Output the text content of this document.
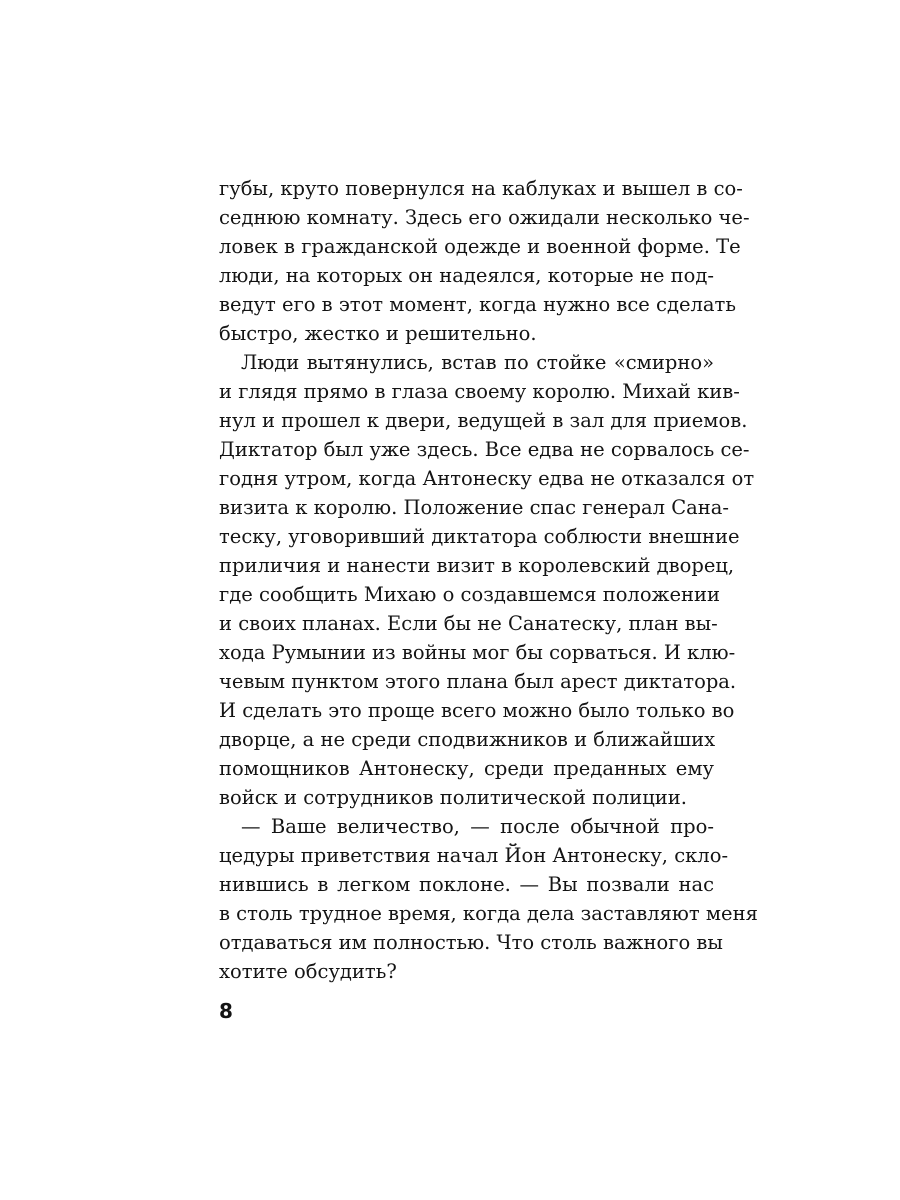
губы, круто повернулся на каблуках и вышел в со-
седнюю комнату. Здесь его ожидали несколько че-
ловек в гражданской одежде и военной форме. Те
люди, на которых он надеялся, которые не под-
ведут его в этот момент, когда нужно все сделать
быстро, жестко и решительно.
Люди вытянулись, встав по стойке «смирно»
и глядя прямо в глаза своему королю. Михай кив-
нул и прошел к двери, ведущей в зал для приемов.
Диктатор был уже здесь. Все едва не сорвалось се-
годня утром, когда Антонеску едва не отказался от
визита к королю. Положение спас генерал Сана-
теску, уговоривший диктатора соблюсти внешние
приличия и нанести визит в королевский дворец,
где сообщить Михаю о создавшемся положении
и своих планах. Если бы не Санатеску, план вы-
хода Румынии из войны мог бы сорваться. И клю-
чевым пунктом этого плана был арест диктатора.
И сделать это проще всего можно было только во
дворце, а не среди сподвижников и ближайших
помощников Антонеску, среди преданных ему
войск и сотрудников политической полиции.
— Ваше величество, — после обычной про-
цедуры приветствия начал Йон Антонеску, скло-
нившись в легком поклоне. — Вы позвали нас
в столь трудное время, когда дела заставляют меня
отдаваться им полностью. Что столь важного вы
хотите обсудить?
8
